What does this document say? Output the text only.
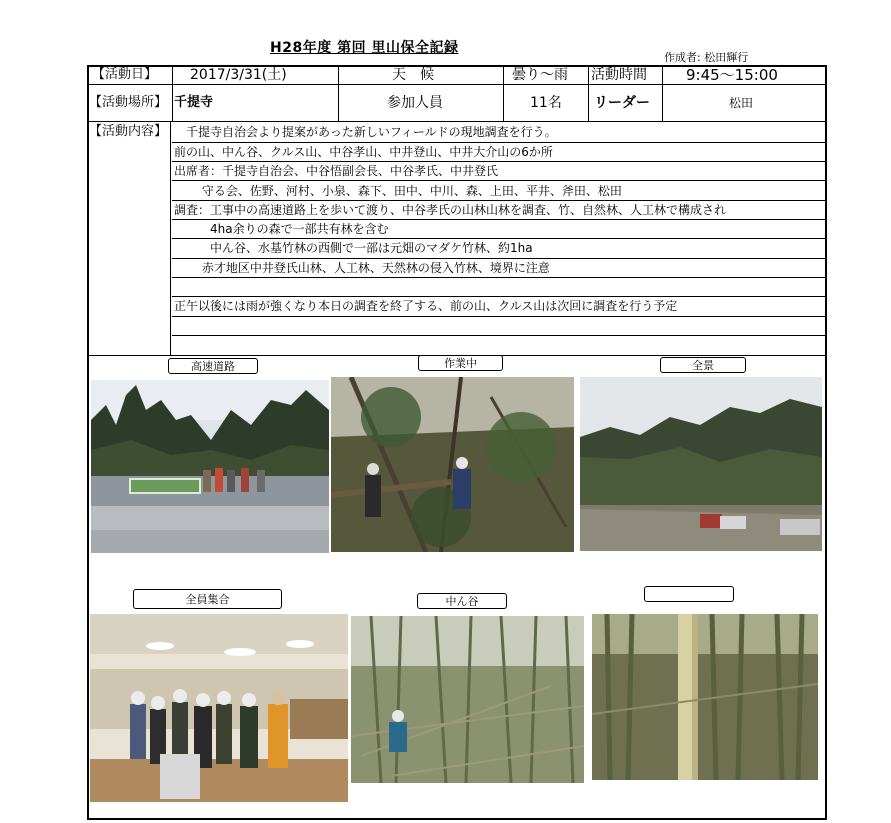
H28年度 第回 里山保全記録
作成者: 松田輝行
【活動日】 2017/3/31(土)	天　候	曇り～雨 活動時間	9:45～15:00
【活動場所】 千提寺	参加人員	11名 リーダー	松田
【活動内容】 　千提寺自治会より提案があった新しいフィールドの現地調査を行う。
前の山、中ん谷、クルス山、中谷孝山、中井登山、中井大介山の6か所
出席者：千提寺自治会、中谷悟副会長、中谷孝氏、中井登氏
　　 守る会、佐野、河村、小泉、森下、田中、中川、森、上田、平井、斧田、松田
調査：工事中の高速道路上を歩いて渡り、中谷孝氏の山林山林を調査、竹、自然林、人工林で構成され
　　　4ha余りの森で一部共有林を含む
　　　中ん谷、水基竹林の西側で一部は元畑のマダケ竹林、約1ha
　　 赤才地区中井登氏山林、人工林、天然林の侵入竹林、境界に注意
正午以後には雨が強くなり本日の調査を終了する、前の山、クルス山は次回に調査を行う予定
高速道路	作業中	全景
全員集合	中ん谷
